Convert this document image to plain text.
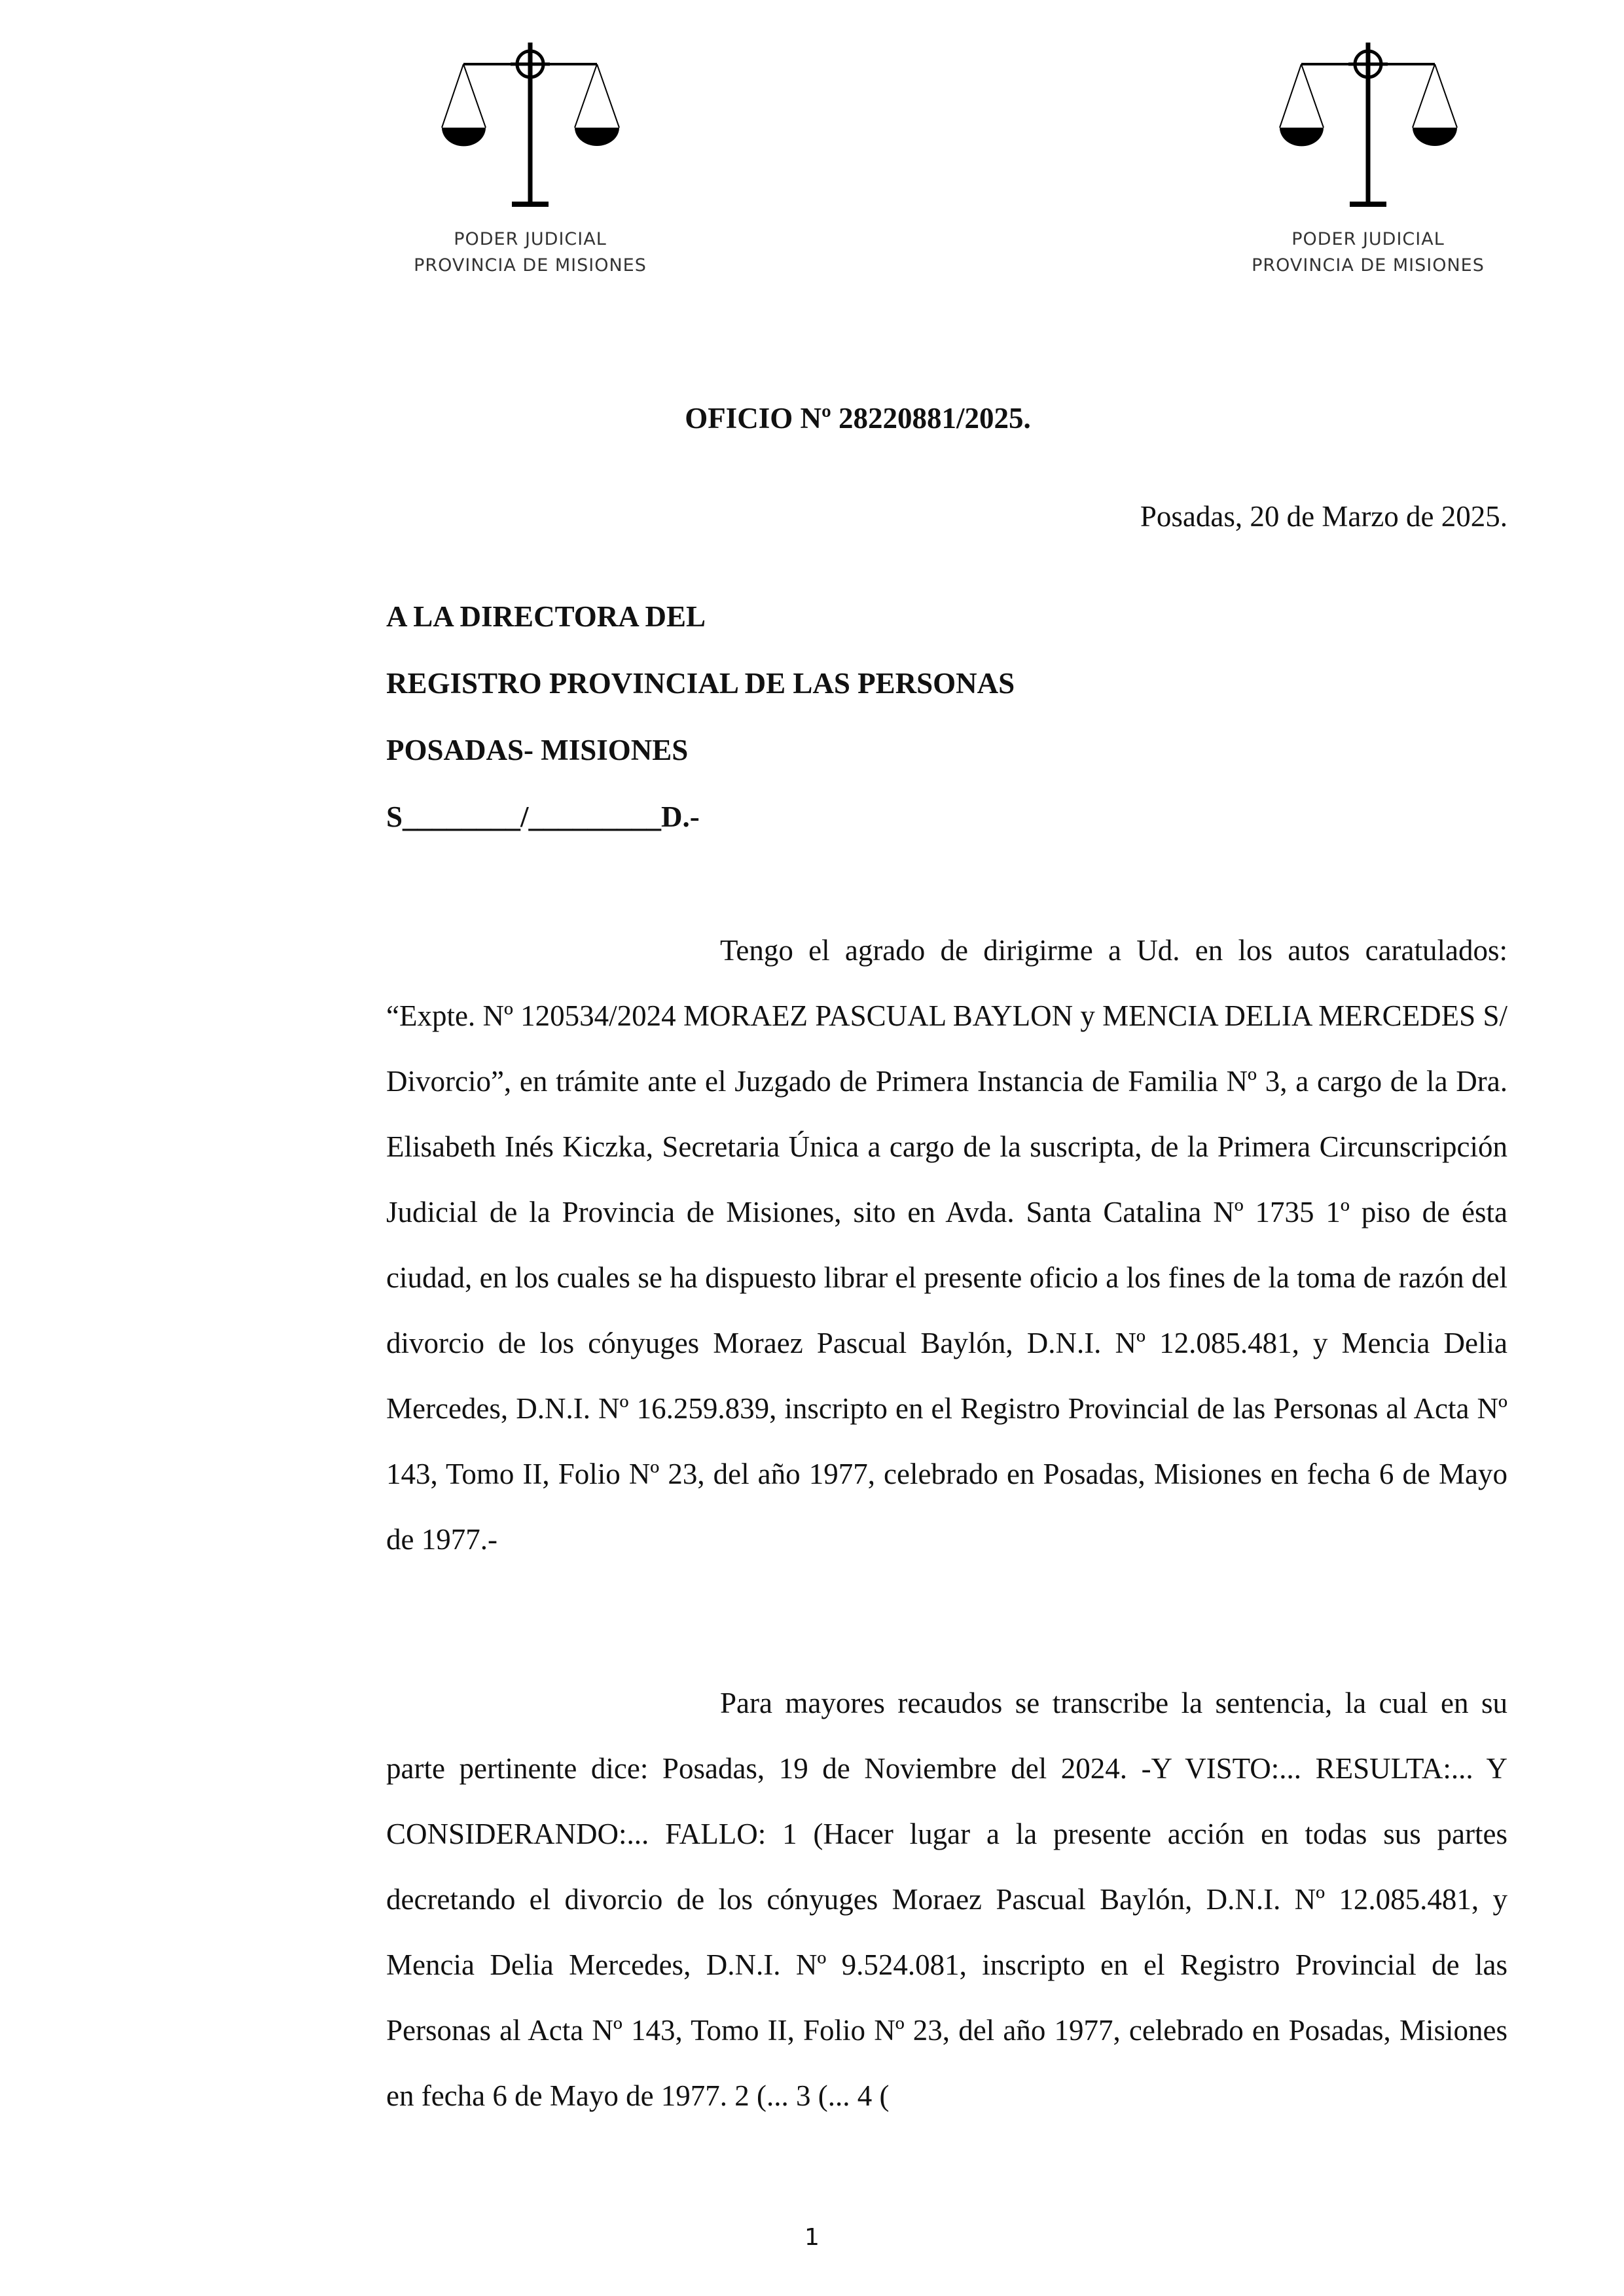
PODER JUDICIAL
PROVINCIA DE MISIONES
PODER JUDICIAL
PROVINCIA DE MISIONES
OFICIO Nº 28220881/2025.
Posadas, 20 de Marzo de 2025.
A LA DIRECTORA DEL
REGISTRO PROVINCIAL DE LAS PERSONAS
POSADAS- MISIONES
S________/_________D.-

Tengo el agrado de dirigirme a Ud. en los autos caratulados: “Expte. Nº 120534/2024 MORAEZ PASCUAL BAYLON y MENCIA DELIA MERCEDES S/ Divorcio”, en trámite ante el Juzgado de Primera Instancia de Familia Nº 3, a cargo de la Dra. Elisabeth Inés Kiczka, Secretaria Única a cargo de la suscripta, de la Primera Circunscripción Judicial de la Provincia de Misiones, sito en Avda. Santa Catalina Nº 1735 1º piso de ésta ciudad, en los cuales se ha dispuesto librar el presente oficio a los fines de la toma de razón del divorcio de los cónyuges Moraez Pascual Baylón, D.N.I. Nº 12.085.481, y Mencia Delia Mercedes, D.N.I. Nº 16.259.839, inscripto en el Registro Provincial de las Personas al Acta Nº 143, Tomo II, Folio Nº 23, del año 1977, celebrado en Posadas, Misiones en fecha 6 de Mayo de 1977.-

Para mayores recaudos se transcribe la sentencia, la cual en su parte pertinente dice: Posadas, 19 de Noviembre del 2024. -Y VISTO:... RESULTA:... Y CONSIDERANDO:... FALLO: 1 (Hacer lugar a la presente acción en todas sus partes decretando el divorcio de los cónyuges Moraez Pascual Baylón, D.N.I. Nº 12.085.481, y Mencia Delia Mercedes, D.N.I. Nº 9.524.081, inscripto en el Registro Provincial de las Personas al Acta Nº 143, Tomo II, Folio Nº 23, del año 1977, celebrado en Posadas, Misiones en fecha 6 de Mayo de 1977. 2 (... 3 (... 4 (

1
